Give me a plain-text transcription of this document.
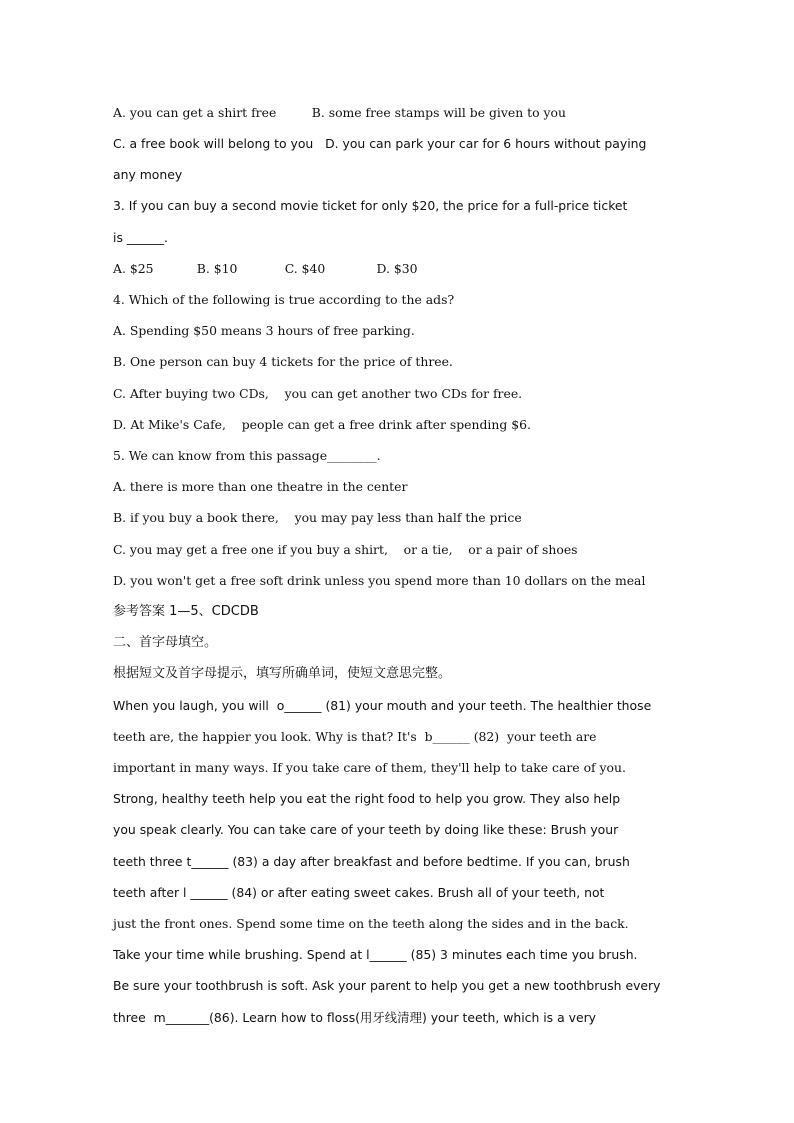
A. you can get a shirt free         B. some free stamps will be given to you
C. a free book will belong to you   D. you can park your car for 6 hours without paying
any money
3. If you can buy a second movie ticket for only $20, the price for a full-price ticket
is ______.
A. $25           B. $10            C. $40             D. $30
4. Which of the following is true according to the ads?
A. Spending $50 means 3 hours of free parking.
B. One person can buy 4 tickets for the price of three.
C. After buying two CDs,    you can get another two CDs for free.
D. At Mike's Cafe,    people can get a free drink after spending $6.
5. We can know from this passage________.
A. there is more than one theatre in the center
B. if you buy a book there,    you may pay less than half the price
C. you may get a free one if you buy a shirt,    or a tie,    or a pair of shoes
D. you won't get a free soft drink unless you spend more than 10 dollars on the meal
参考答案 1—5、CDCDB
二、首字母填空。
根据短文及首字母提示，填写所确单词，使短文意思完整。
When you laugh, you will  o______ (81) your mouth and your teeth. The healthier those
teeth are, the happier you look. Why is that? It's  b______ (82)  your teeth are
important in many ways. If you take care of them, they'll help to take care of you.
Strong, healthy teeth help you eat the right food to help you grow. They also help
you speak clearly. You can take care of your teeth by doing like these: Brush your
teeth three t______ (83) a day after breakfast and before bedtime. If you can, brush
teeth after l ______ (84) or after eating sweet cakes. Brush all of your teeth, not
just the front ones. Spend some time on the teeth along the sides and in the back.
Take your time while brushing. Spend at l______ (85) 3 minutes each time you brush.
Be sure your toothbrush is soft. Ask your parent to help you get a new toothbrush every
three  m_______(86). Learn how to floss(用牙线清理) your teeth, which is a very
